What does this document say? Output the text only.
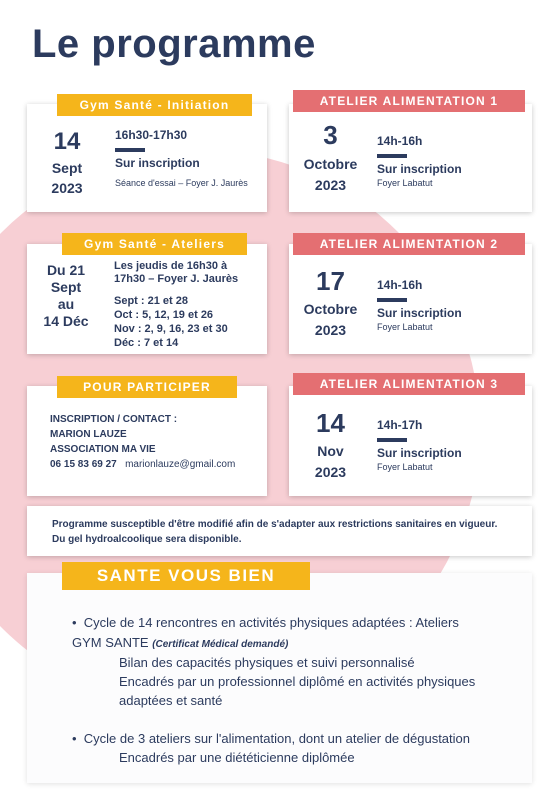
Le programme
14
Sept
2023
16h30-17h30
Sur inscription
Séance d'essai – Foyer J. Jaurès
Gym Santé - Initiation
3
Octobre
2023
14h-16h
Sur inscription
Foyer Labatut
ATELIER ALIMENTATION 1
Du 21
Sept
au
14 Déc
Les jeudis de 16h30 à
17h30 – Foyer J. Jaurès
Sept : 21 et 28
Oct : 5, 12, 19 et 26
Nov : 2, 9, 16, 23 et 30
Déc : 7 et 14
Gym Santé - Ateliers
17
Octobre
2023
14h-16h
Sur inscription
Foyer Labatut
ATELIER ALIMENTATION 2
INSCRIPTION / CONTACT :
MARION LAUZE
ASSOCIATION MA VIE
06 15 83 69 27 marionlauze@gmail.com
POUR PARTICIPER
14
Nov
2023
14h-17h
Sur inscription
Foyer Labatut
ATELIER ALIMENTATION 3
Programme susceptible d'être modifié afin de s'adapter aux restrictions sanitaires en vigueur.
Du gel hydroalcoolique sera disponible.
•  Cycle de 14 rencontres en activités physiques adaptées : Ateliers
GYM SANTE (Certificat Médical demandé)
Bilan des capacités physiques et suivi personnalisé
Encadrés par un professionnel diplômé en activités physiques
adaptées et santé
•  Cycle de 3 ateliers sur l'alimentation, dont un atelier de dégustation
Encadrés par une diététicienne diplômée
SANTE VOUS BIEN
